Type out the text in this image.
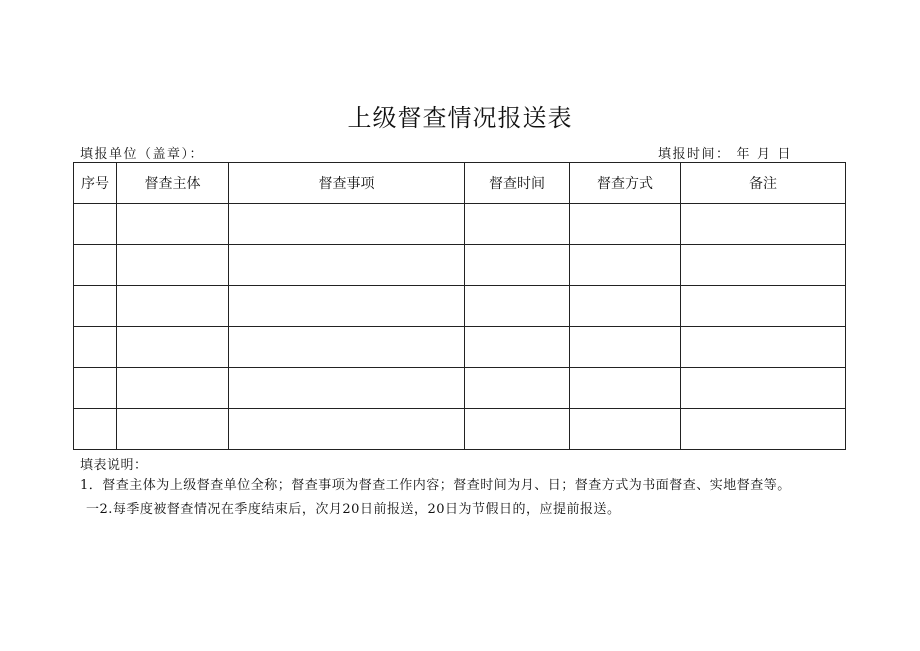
上级督查情况报送表
填报单位（盖章）：	填报时间： 年 月 日
序号	督查主体	督查事项	督查时间	督查方式	备注

填表说明：

1．督查主体为上级督查单位全称；督查事项为督查工作内容；督查时间为月、日；督查方式为书面督查、实地督查等。

一2.每季度被督查情况在季度结束后，次月20日前报送，20日为节假日的，应提前报送。
